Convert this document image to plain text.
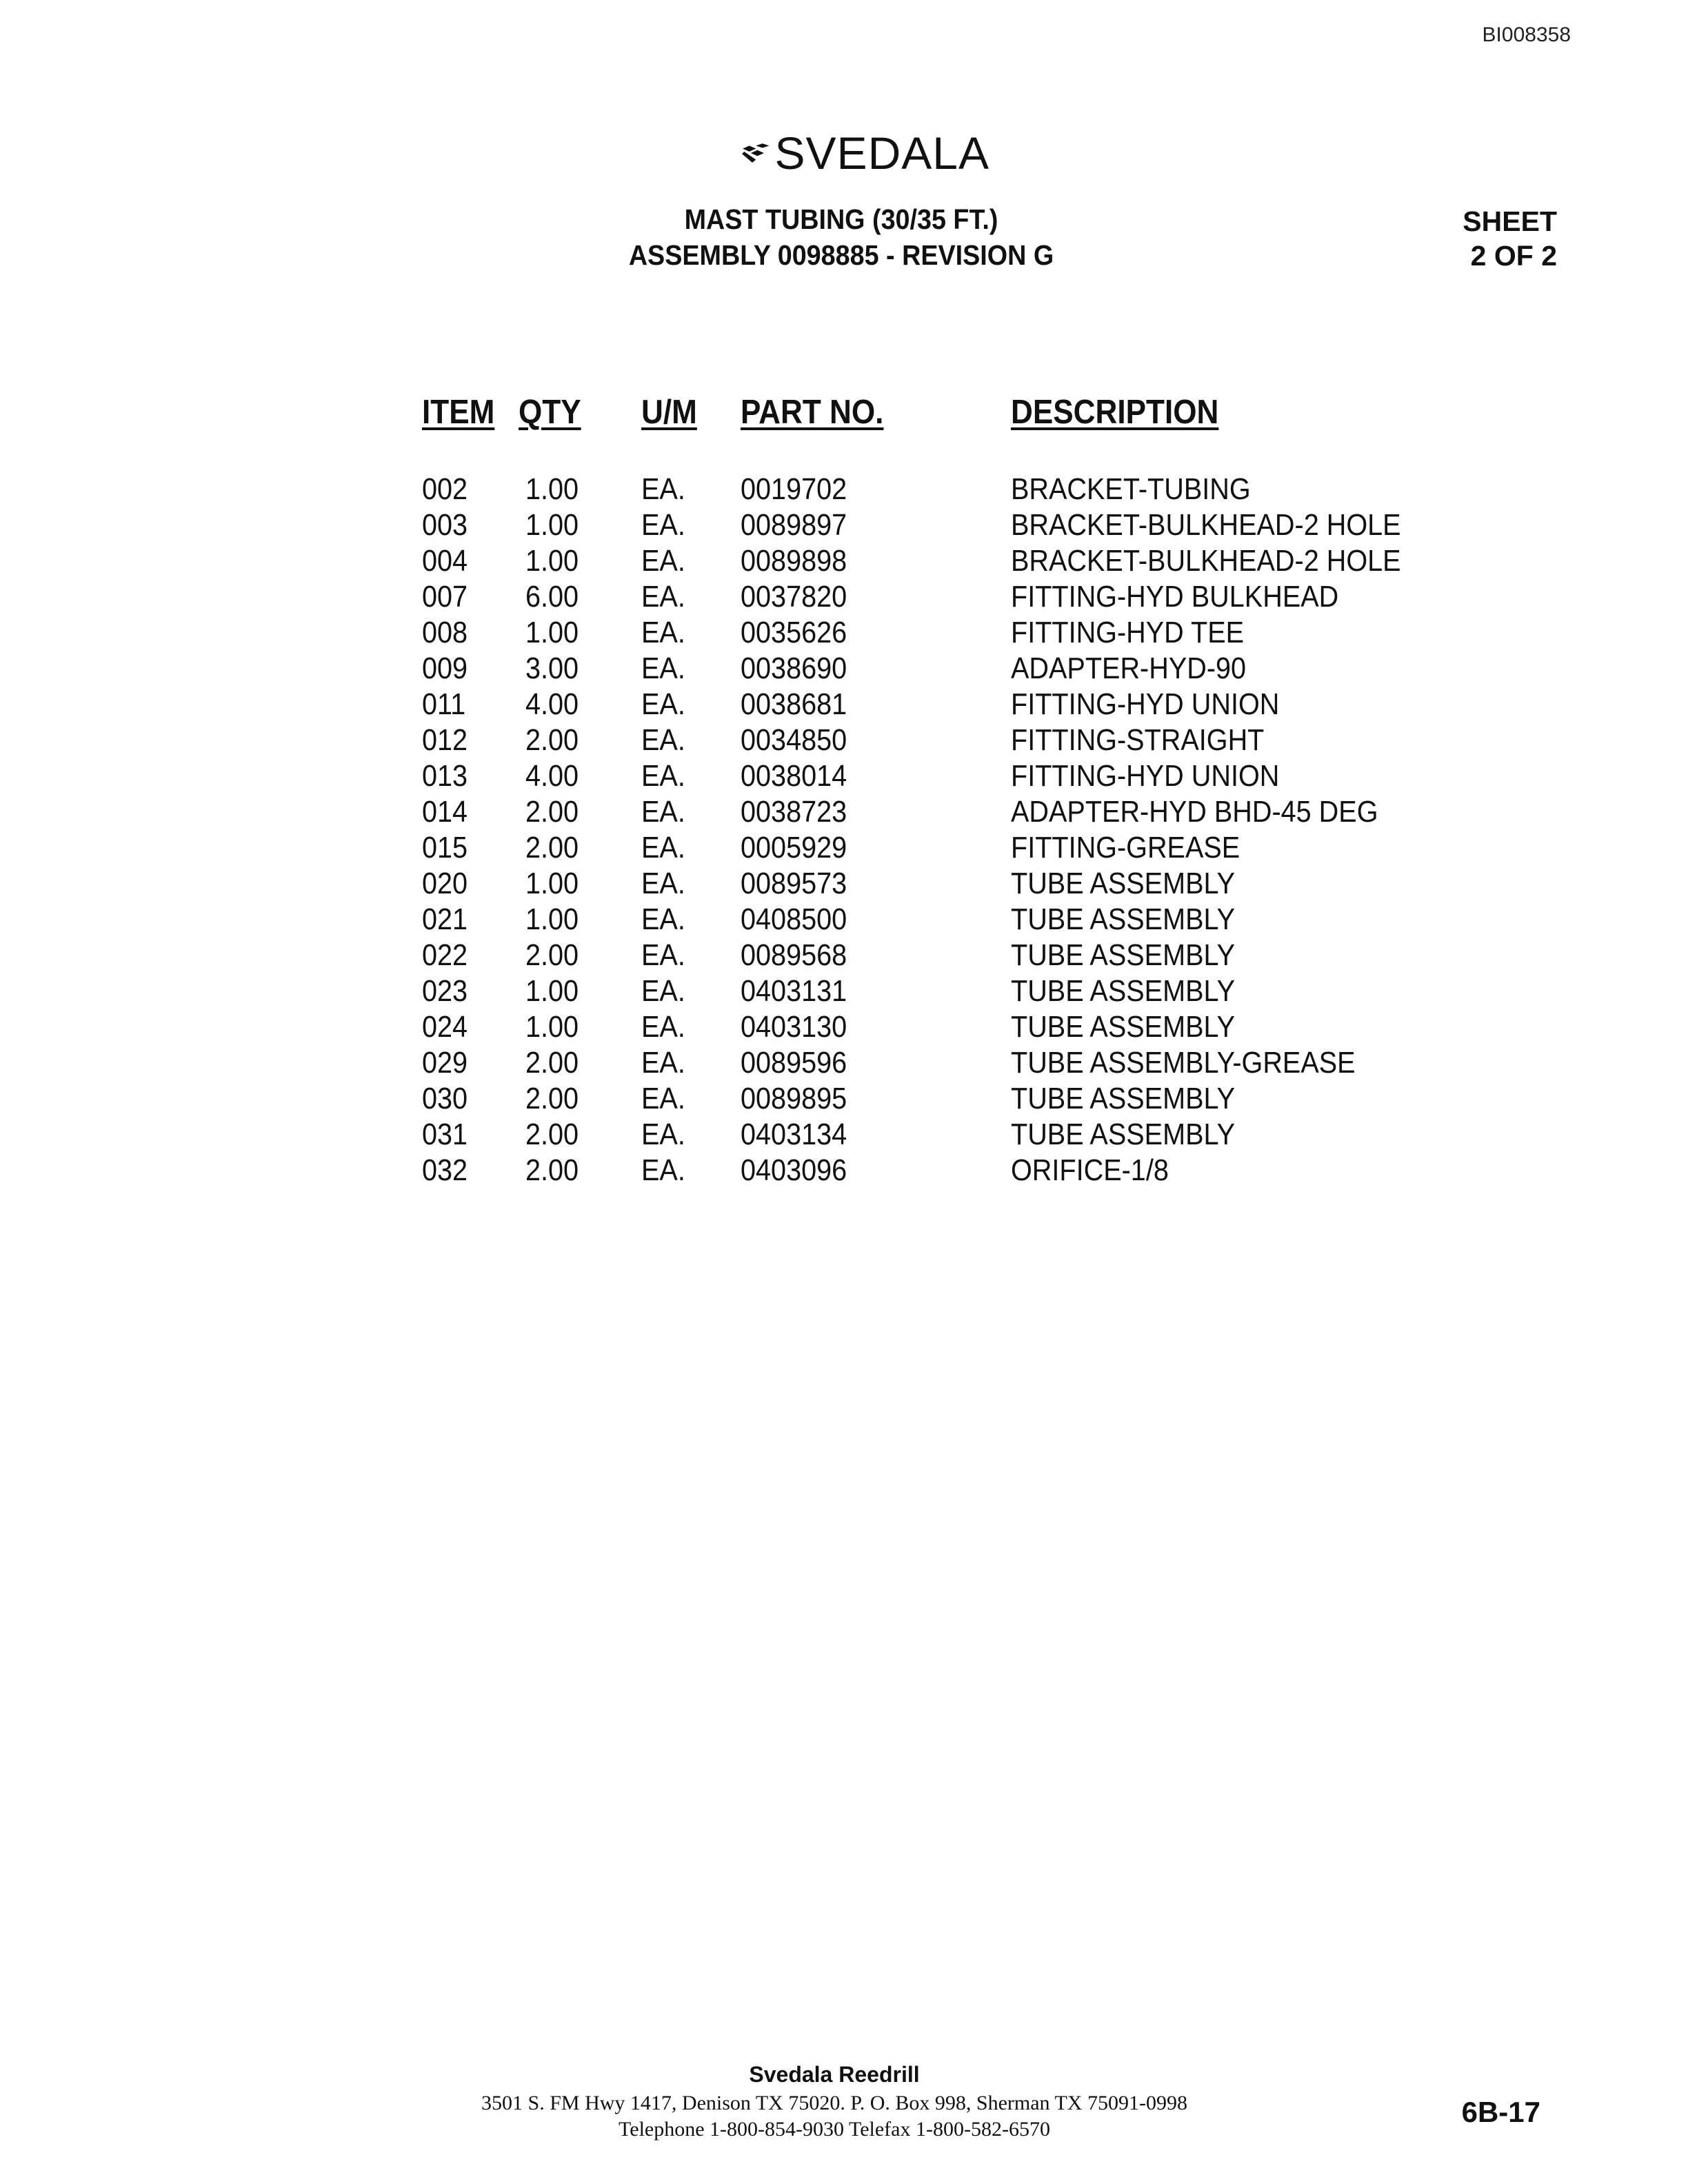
BI008358
SVEDALA
MAST TUBING (30/35 FT.)
ASSEMBLY 0098885 - REVISION G
SHEET
2 OF 2
ITEM QTY U/M PART NO.	DESCRIPTION
002 1.00 EA. 0019702	BRACKET-TUBING
003 1.00 EA. 0089897	BRACKET-BULKHEAD-2 HOLE
004 1.00 EA. 0089898	BRACKET-BULKHEAD-2 HOLE
007 6.00 EA. 0037820	FITTING-HYD BULKHEAD
008 1.00 EA. 0035626	FITTING-HYD TEE
009 3.00 EA. 0038690	ADAPTER-HYD-90
011 4.00 EA. 0038681	FITTING-HYD UNION
012 2.00 EA. 0034850	FITTING-STRAIGHT
013 4.00 EA. 0038014	FITTING-HYD UNION
014 2.00 EA. 0038723	ADAPTER-HYD BHD-45 DEG
015 2.00 EA. 0005929	FITTING-GREASE
020 1.00 EA. 0089573	TUBE ASSEMBLY
021 1.00 EA. 0408500	TUBE ASSEMBLY
022 2.00 EA. 0089568	TUBE ASSEMBLY
023 1.00 EA. 0403131	TUBE ASSEMBLY
024 1.00 EA. 0403130	TUBE ASSEMBLY
029 2.00 EA. 0089596	TUBE ASSEMBLY-GREASE
030 2.00 EA. 0089895	TUBE ASSEMBLY
031 2.00 EA. 0403134	TUBE ASSEMBLY
032 2.00 EA. 0403096	ORIFICE-1/8
Svedala Reedrill
3501 S. FM Hwy 1417, Denison TX 75020. P. O. Box 998, Sherman TX 75091-0998
Telephone 1-800-854-9030 Telefax 1-800-582-6570
6B-17
